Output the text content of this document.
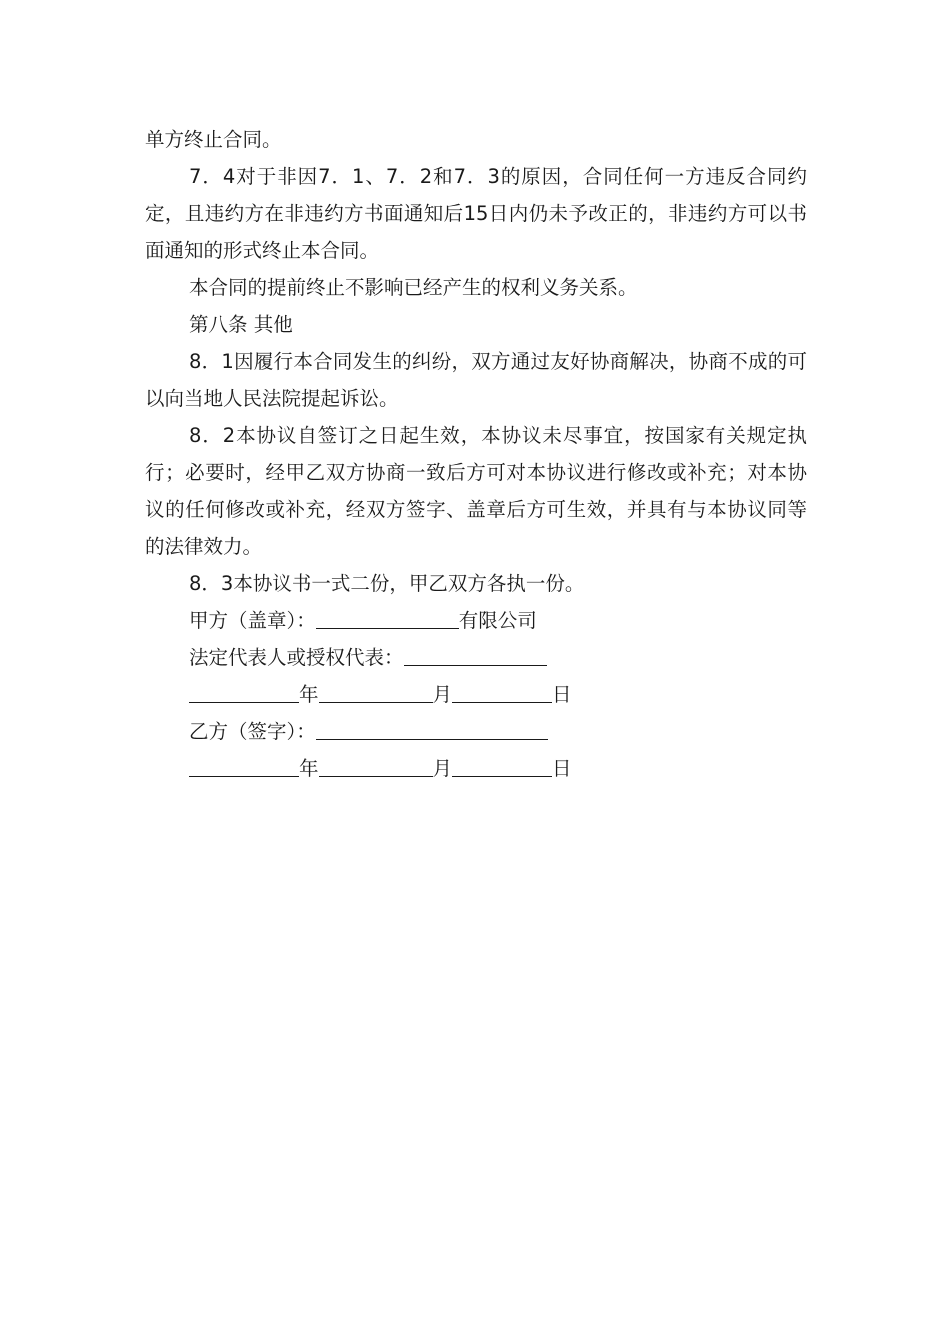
单方终止合同。

7．4对于非因7．1、7．2和7．3的原因，合同任何一方违反合同约定，且违约方在非违约方书面通知后15日内仍未予改正的，非违约方可以书面通知的形式终止本合同。

本合同的提前终止不影响已经产生的权利义务关系。

第八条 其他

8．1因履行本合同发生的纠纷，双方通过友好协商解决，协商不成的可以向当地人民法院提起诉讼。

8．2本协议自签订之日起生效，本协议未尽事宜，按国家有关规定执行；必要时，经甲乙双方协商一致后方可对本协议进行修改或补充；对本协议的任何修改或补充，经双方签字、盖章后方可生效，并具有与本协议同等的法律效力。

8．3本协议书一式二份，甲乙双方各执一份。

甲方（盖章）：	有限公司
法定代表人或授权代表：
年	月	日
乙方（签字）：
年	月	日
